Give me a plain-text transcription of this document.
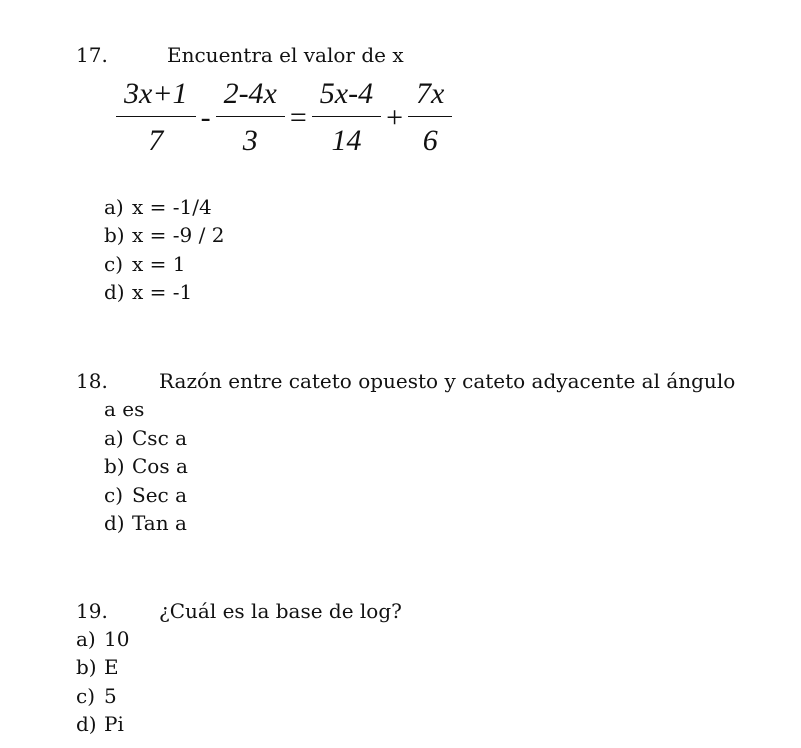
17.	Encuentra el valor de x
$\frac{3x+1}{7} - \frac{2-4x}{3} = \frac{5x-4}{14} + \frac{7x}{6}$
a) x = -1/4
b) x = -9 / 2
c) x = 1
d) x = -1
18.	Razón entre cateto opuesto y cateto adyacente al ángulo
a es
a) Csc a
b) Cos a
c) Sec a
d) Tan a
19.	¿Cuál es la base de log?
a) 10
b) E
c) 5
d) Pi
